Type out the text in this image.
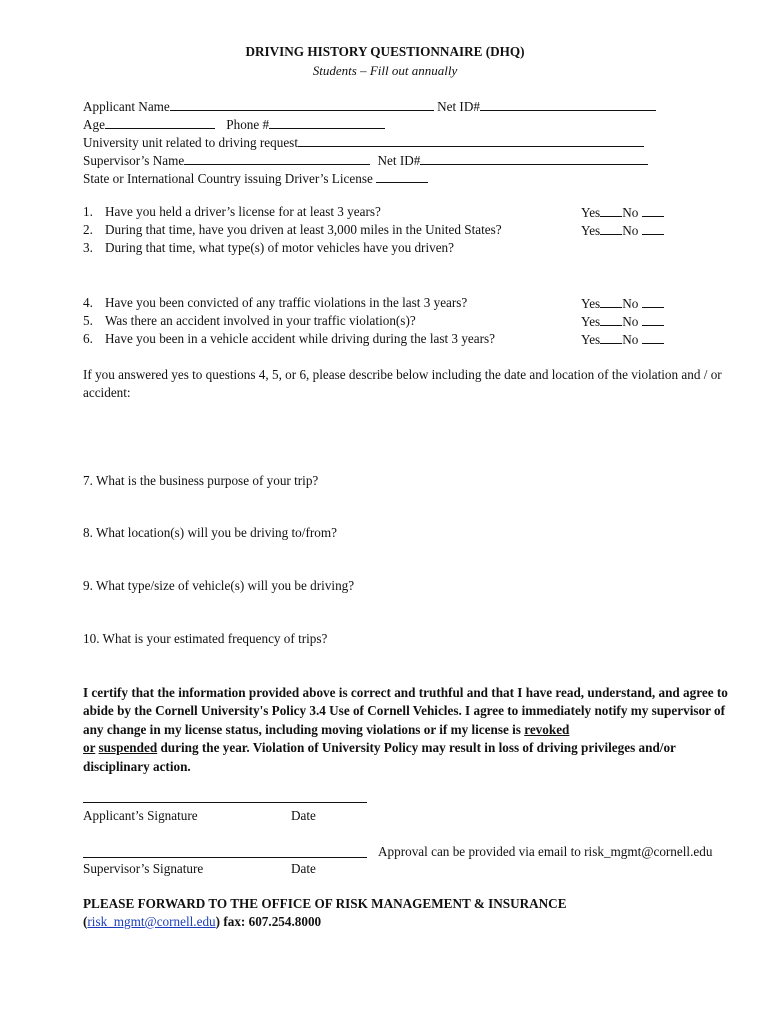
DRIVING HISTORY QUESTIONNAIRE (DHQ)
Students – Fill out annually
Applicant Name	Net ID#
Age	Phone #
University unit related to driving request
Supervisor’s Name	Net ID#
State or International Country issuing Driver’s License
1. Have you held a driver’s license for at least 3 years?	Yes No
2. During that time, have you driven at least 3,000 miles in the United States?	Yes No
3. During that time, what type(s) of motor vehicles have you driven?
4. Have you been convicted of any traffic violations in the last 3 years?	Yes No
5. Was there an accident involved in your traffic violation(s)?	Yes No
6. Have you been in a vehicle accident while driving during the last 3 years?	Yes No
If you answered yes to questions 4, 5, or 6, please describe below including the date and location of the violation and / or accident:
7. What is the business purpose of your trip?
8. What location(s) will you be driving to/from?
9. What type/size of vehicle(s) will you be driving?
10. What is your estimated frequency of trips?
I certify that the information provided above is correct and truthful and that I have read, understand, and agree to abide by the Cornell University's Policy 3.4 Use of Cornell Vehicles. I agree to immediately notify my supervisor of any change in my license status, including moving violations or if my license is revoked
or suspended during the year. Violation of University Policy may result in loss of driving privileges and/or disciplinary action.
Applicant’s Signature	Date
Approval can be provided via email to risk_mgmt@cornell.edu
Supervisor’s Signature	Date
PLEASE FORWARD TO THE OFFICE OF RISK MANAGEMENT & INSURANCE
(risk_mgmt@cornell.edu) fax: 607.254.8000
